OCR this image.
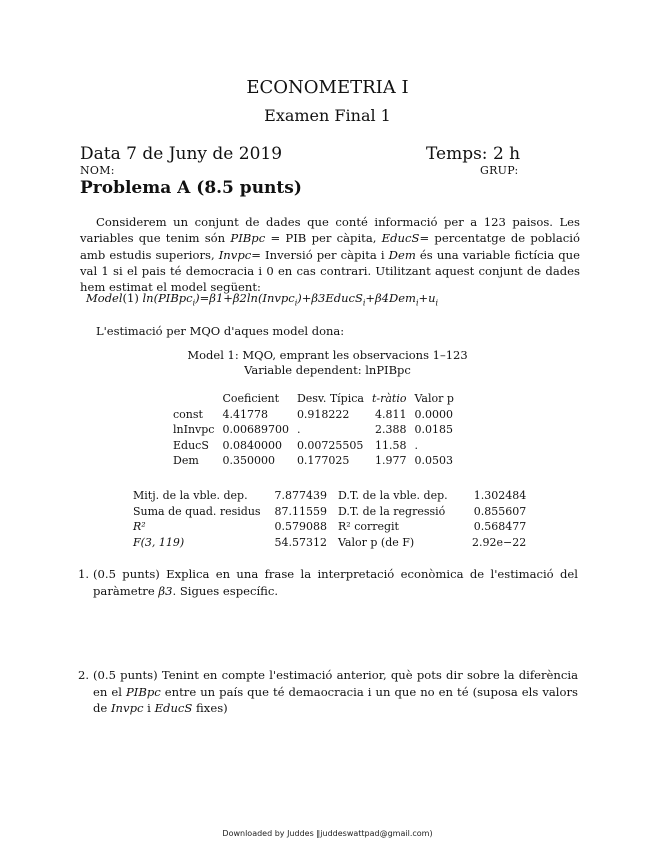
ECONOMETRIA I
Examen Final 1
Data 7 de Juny de 2019	Temps: 2 h
NOM:	GRUP:
Problema A (8.5 punts)
Considerem un conjunt de dades que conté informació per a 123 paisos. Les variables que tenim són PIBpc = PIB per càpita, EducS= percentatge de població amb estudis superiors, Invpc= Inversió per càpita i Dem és una variable fictícia que val 1 si el pais té democracia i 0 en cas contrari. Utilitzant aquest conjunt de dades hem estimat el model següent:
Model(1) $\ln(PIBpc_i)=\beta 1+\beta 2\ln(Invpc_i)+\beta 3EducS_i+\beta 4Dem_i+u_i$
L'estimació per MQO d'aques model dona:
Model 1: MQO, emprant les observacions 1–123
Variable dependent: lnPIBpc
	Coeficient	Desv. Típica	t-ràtio	Valor p
const	4.41778	0.918222	4.811	0.0000
lnInvpc	0.00689700	.	2.388	0.0185
EducS	0.0840000	0.00725505	11.58	.
Dem	0.350000	0.177025	1.977	0.0503
Mitj. de la vble. dep.	7.877439	D.T. de la vble. dep.	1.302484
Suma de quad. residus	87.11559	D.T. de la regressió	0.855607
R²	0.579088	R² corregit	0.568477
F(3, 119)	54.57312	Valor p (de F)	2.92e−22
1. (0.5 punts) Explica en una frase la interpretació econòmica de l'estimació del paràmetre β3. Sigues específic.
2. (0.5 punts) Tenint en compte l'estimació anterior, què pots dir sobre la diferència en el PIBpc entre un país que té demaocracia i un que no en té (suposa els valors de Invpc i EducS fixes)
Downloaded by Juddes ‖juddeswattpad@gmail.com)
